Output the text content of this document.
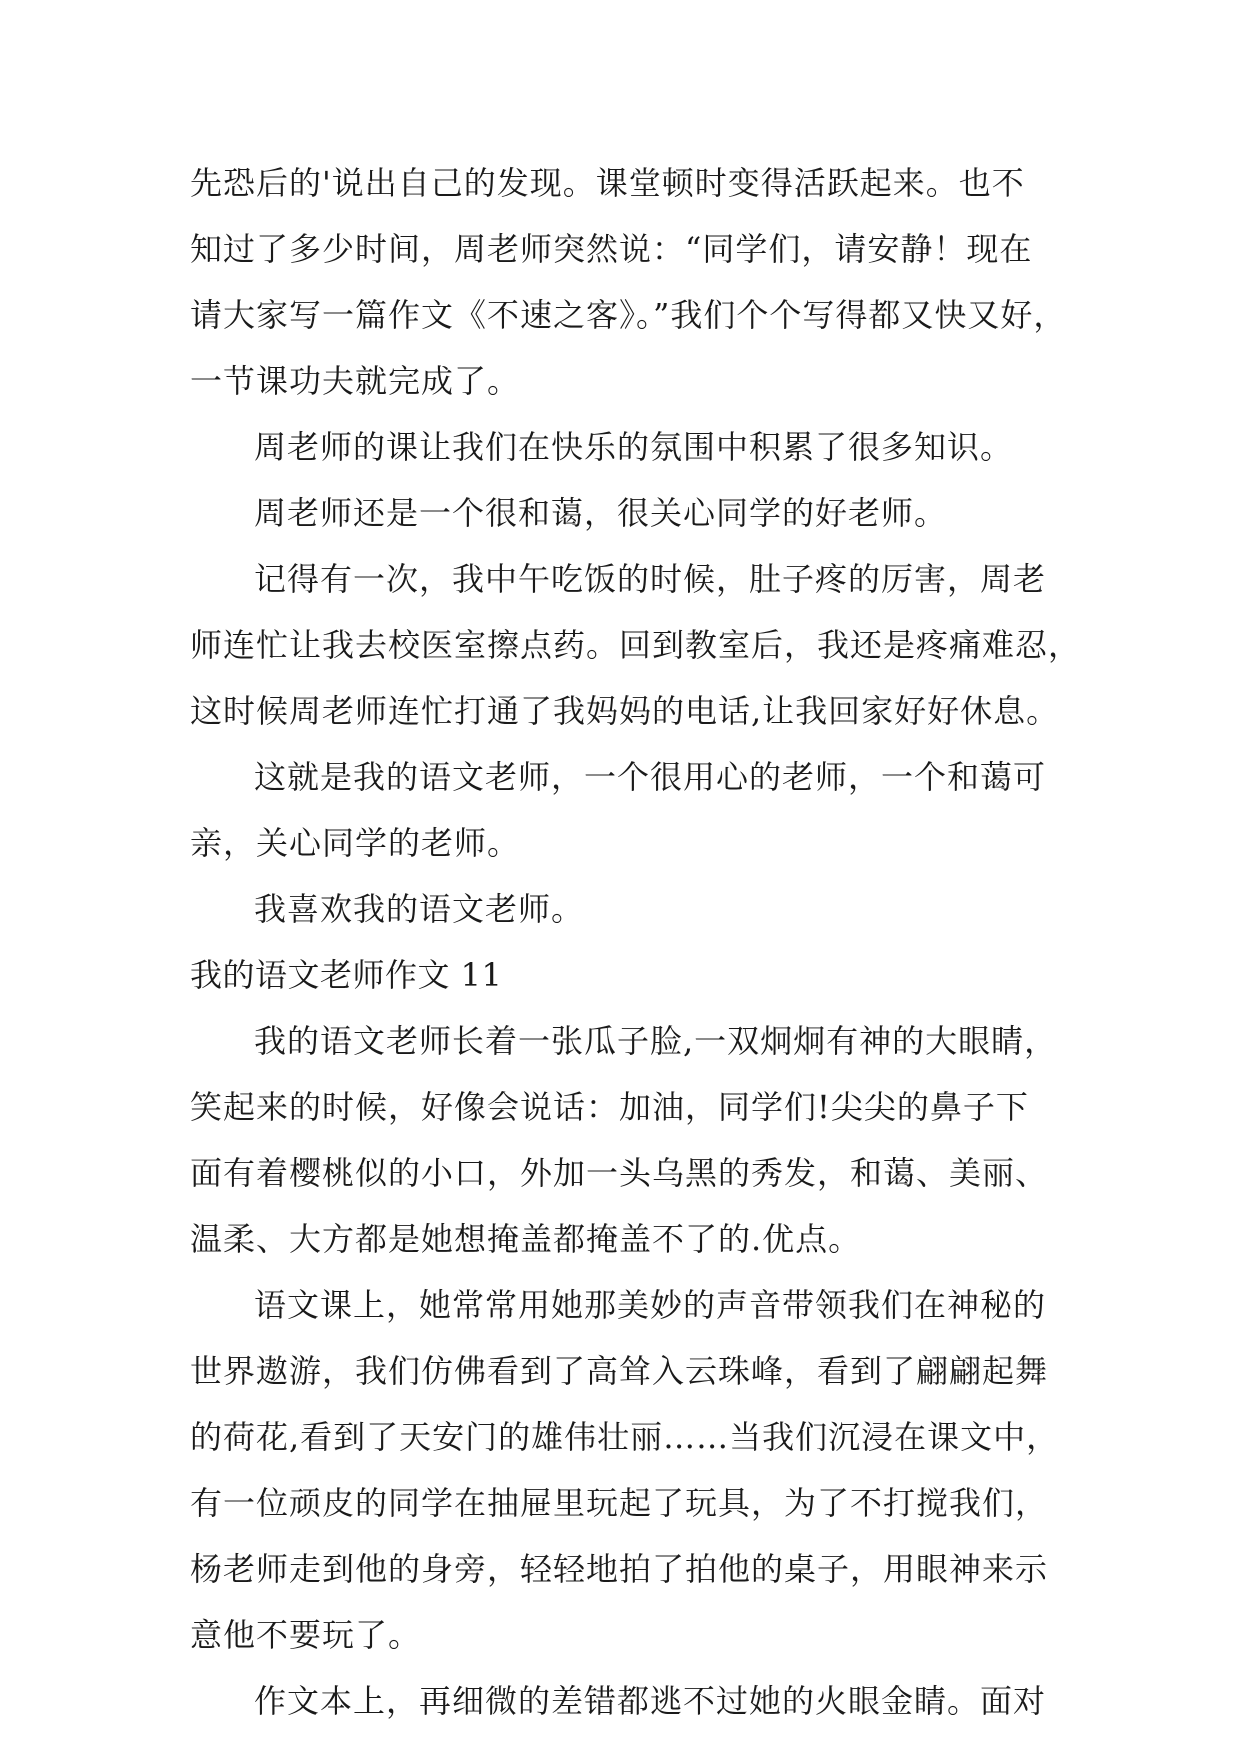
先恐后的'说出自己的发现。课堂顿时变得活跃起来。也不
知过了多少时间，周老师突然说：“同学们，请安静！现在
请大家写一篇作文《不速之客》。”我们个个写得都又快又好，
一节课功夫就完成了。
周老师的课让我们在快乐的氛围中积累了很多知识。
周老师还是一个很和蔼，很关心同学的好老师。
记得有一次，我中午吃饭的时候，肚子疼的厉害，周老
师连忙让我去校医室擦点药。回到教室后，我还是疼痛难忍，
这时候周老师连忙打通了我妈妈的电话,让我回家好好休息。
这就是我的语文老师，一个很用心的老师，一个和蔼可
亲，关心同学的老师。
我喜欢我的语文老师。
我的语文老师作文 11
我的语文老师长着一张瓜子脸,一双炯炯有神的大眼睛，
笑起来的时候，好像会说话：加油，同学们!尖尖的鼻子下
面有着樱桃似的小口，外加一头乌黑的秀发，和蔼、美丽、
温柔、大方都是她想掩盖都掩盖不了的.优点。
语文课上，她常常用她那美妙的声音带领我们在神秘的
世界遨游，我们仿佛看到了高耸入云珠峰，看到了翩翩起舞
的荷花,看到了天安门的雄伟壮丽……当我们沉浸在课文中，
有一位顽皮的同学在抽屉里玩起了玩具，为了不打搅我们，
杨老师走到他的身旁，轻轻地拍了拍他的桌子，用眼神来示
意他不要玩了。
作文本上，再细微的差错都逃不过她的火眼金睛。面对
